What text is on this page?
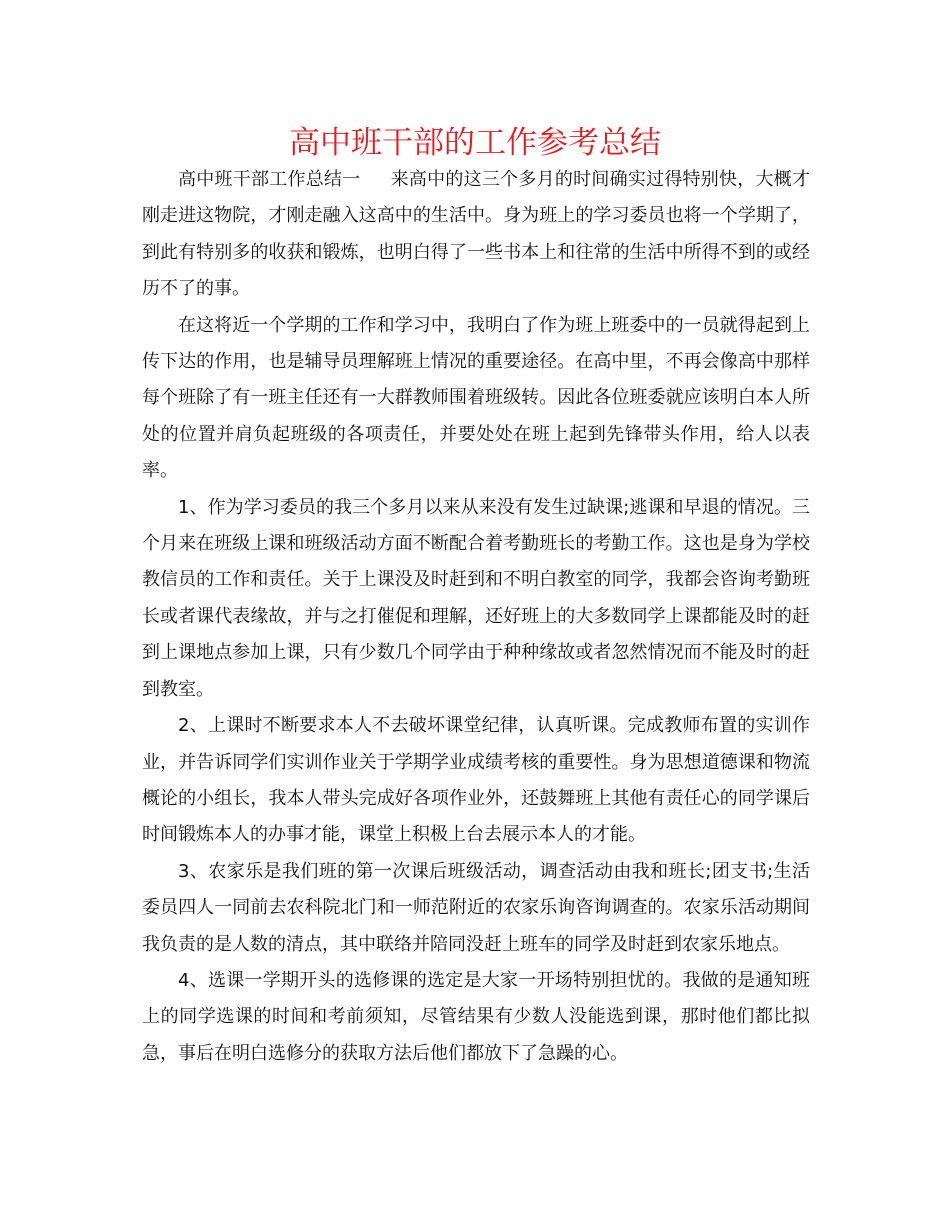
高中班干部的工作参考总结

高中班干部工作总结一 来高中的这三个多月的时间确实过得特别快，大概才刚走进这物院，才刚走融入这高中的生活中。身为班上的学习委员也将一个学期了，到此有特别多的收获和锻炼，也明白得了一些书本上和往常的生活中所得不到的或经历不了的事。

在这将近一个学期的工作和学习中，我明白了作为班上班委中的一员就得起到上传下达的作用，也是辅导员理解班上情况的重要途径。在高中里，不再会像高中那样每个班除了有一班主任还有一大群教师围着班级转。因此各位班委就应该明白本人所处的位置并肩负起班级的各项责任，并要处处在班上起到先锋带头作用，给人以表率。

1、作为学习委员的我三个多月以来从来没有发生过缺课;逃课和早退的情况。三个月来在班级上课和班级活动方面不断配合着考勤班长的考勤工作。这也是身为学校教信员的工作和责任。关于上课没及时赶到和不明白教室的同学，我都会咨询考勤班长或者课代表缘故，并与之打催促和理解，还好班上的大多数同学上课都能及时的赶到上课地点参加上课，只有少数几个同学由于种种缘故或者忽然情况而不能及时的赶到教室。

2、上课时不断要求本人不去破坏课堂纪律，认真听课。完成教师布置的实训作业，并告诉同学们实训作业关于学期学业成绩考核的重要性。身为思想道德课和物流概论的小组长，我本人带头完成好各项作业外，还鼓舞班上其他有责任心的同学课后时间锻炼本人的办事才能，课堂上积极上台去展示本人的才能。

3、农家乐是我们班的第一次课后班级活动，调查活动由我和班长;团支书;生活委员四人一同前去农科院北门和一师范附近的农家乐询咨询调查的。农家乐活动期间我负责的是人数的清点，其中联络并陪同没赶上班车的同学及时赶到农家乐地点。

4、选课一学期开头的选修课的选定是大家一开场特别担忧的。我做的是通知班上的同学选课的时间和考前须知，尽管结果有少数人没能选到课，那时他们都比拟急，事后在明白选修分的获取方法后他们都放下了急躁的心。
